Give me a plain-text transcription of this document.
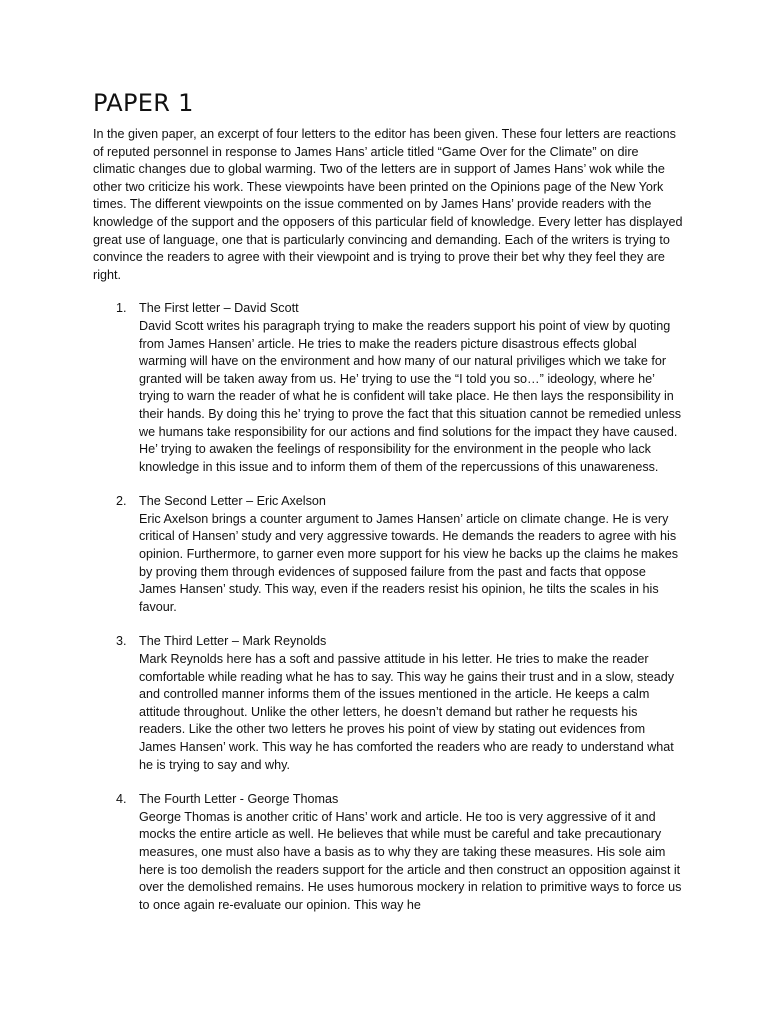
PAPER 1

In the given paper, an excerpt of four letters to the editor has been given. These four letters are reactions of reputed personnel in response to James Hans’ article titled “Game Over for the Climate” on dire climatic changes due to global warming. Two of the letters are in support of James Hans’ wok while the other two criticize his work. These viewpoints have been printed on the Opinions page of the New York times. The different viewpoints on the issue commented on by James Hans’ provide readers with the knowledge of the support and the opposers of this particular field of knowledge. Every letter has displayed great use of language, one that is particularly convincing and demanding. Each of the writers is trying to convince the readers to agree with their viewpoint and is trying to prove their bet why they feel they are right.

1. The First letter – David Scott
David Scott writes his paragraph trying to make the readers support his point of view by quoting from James Hansen’ article. He tries to make the readers picture disastrous effects global warming will have on the environment and how many of our natural priviliges which we take for granted will be taken away from us. He’ trying to use the “I told you so…” ideology, where he’ trying to warn the reader of what he is confident will take place. He then lays the responsibility in their hands. By doing this he’ trying to prove the fact that this situation cannot be remedied unless we humans take responsibility for our actions and find solutions for the impact they have caused. He’ trying to awaken the feelings of responsibility for the environment in the people who lack knowledge in this issue and to inform them of them of the repercussions of this unawareness.
2. The Second Letter – Eric Axelson
Eric Axelson brings a counter argument to James Hansen’ article on climate change. He is very critical of Hansen’ study and very aggressive towards. He demands the readers to agree with his opinion. Furthermore, to garner even more support for his view he backs up the claims he makes by proving them through evidences of supposed failure from the past and facts that oppose James Hansen’ study. This way, even if the readers resist his opinion, he tilts the scales in his favour.
3. The Third Letter – Mark Reynolds
Mark Reynolds here has a soft and passive attitude in his letter. He tries to make the reader comfortable while reading what he has to say. This way he gains their trust and in a slow, steady and controlled manner informs them of the issues mentioned in the article. He keeps a calm attitude throughout. Unlike the other letters, he doesn’t demand but rather he requests his readers. Like the other two letters he proves his point of view by stating out evidences from James Hansen’ work. This way he has comforted the readers who are ready to understand what he is trying to say and why.
4. The Fourth Letter - George Thomas
George Thomas is another critic of Hans’ work and article. He too is very aggressive of it and mocks the entire article as well. He believes that while must be careful and take precautionary measures, one must also have a basis as to why they are taking these measures. His sole aim here is too demolish the readers support for the article and then construct an opposition against it over the demolished remains. He uses humorous mockery in relation to primitive ways to force us to once again re-evaluate our opinion. This way he
